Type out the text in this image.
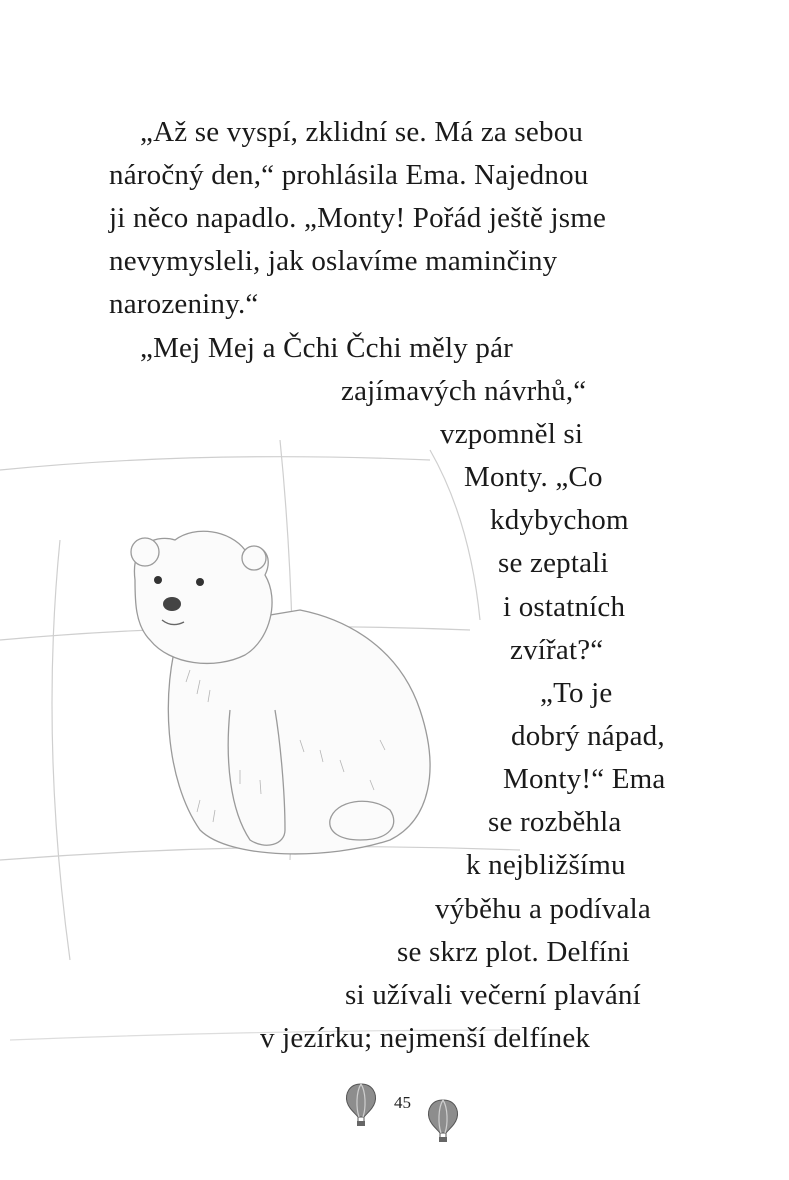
„Až se vyspí, zklidní se. Má za sebou
náročný den,“ prohlásila Ema. Najednou
ji něco napadlo. „Monty! Pořád ještě jsme
nevymysleli, jak oslavíme maminčiny
narozeniny.“
„Mej Mej a Čchi Čchi měly pár
zajímavých návrhů,“
vzpomněl si
Monty. „Co
kdybychom
se zeptali
i ostatních
zvířat?“
„To je
dobrý nápad,
Monty!“ Ema
se rozběhla
k nejbližšímu
výběhu a podívala
se skrz plot. Delfíni
si užívali večerní plavání
v jezírku; nejmenší delfínek
45
